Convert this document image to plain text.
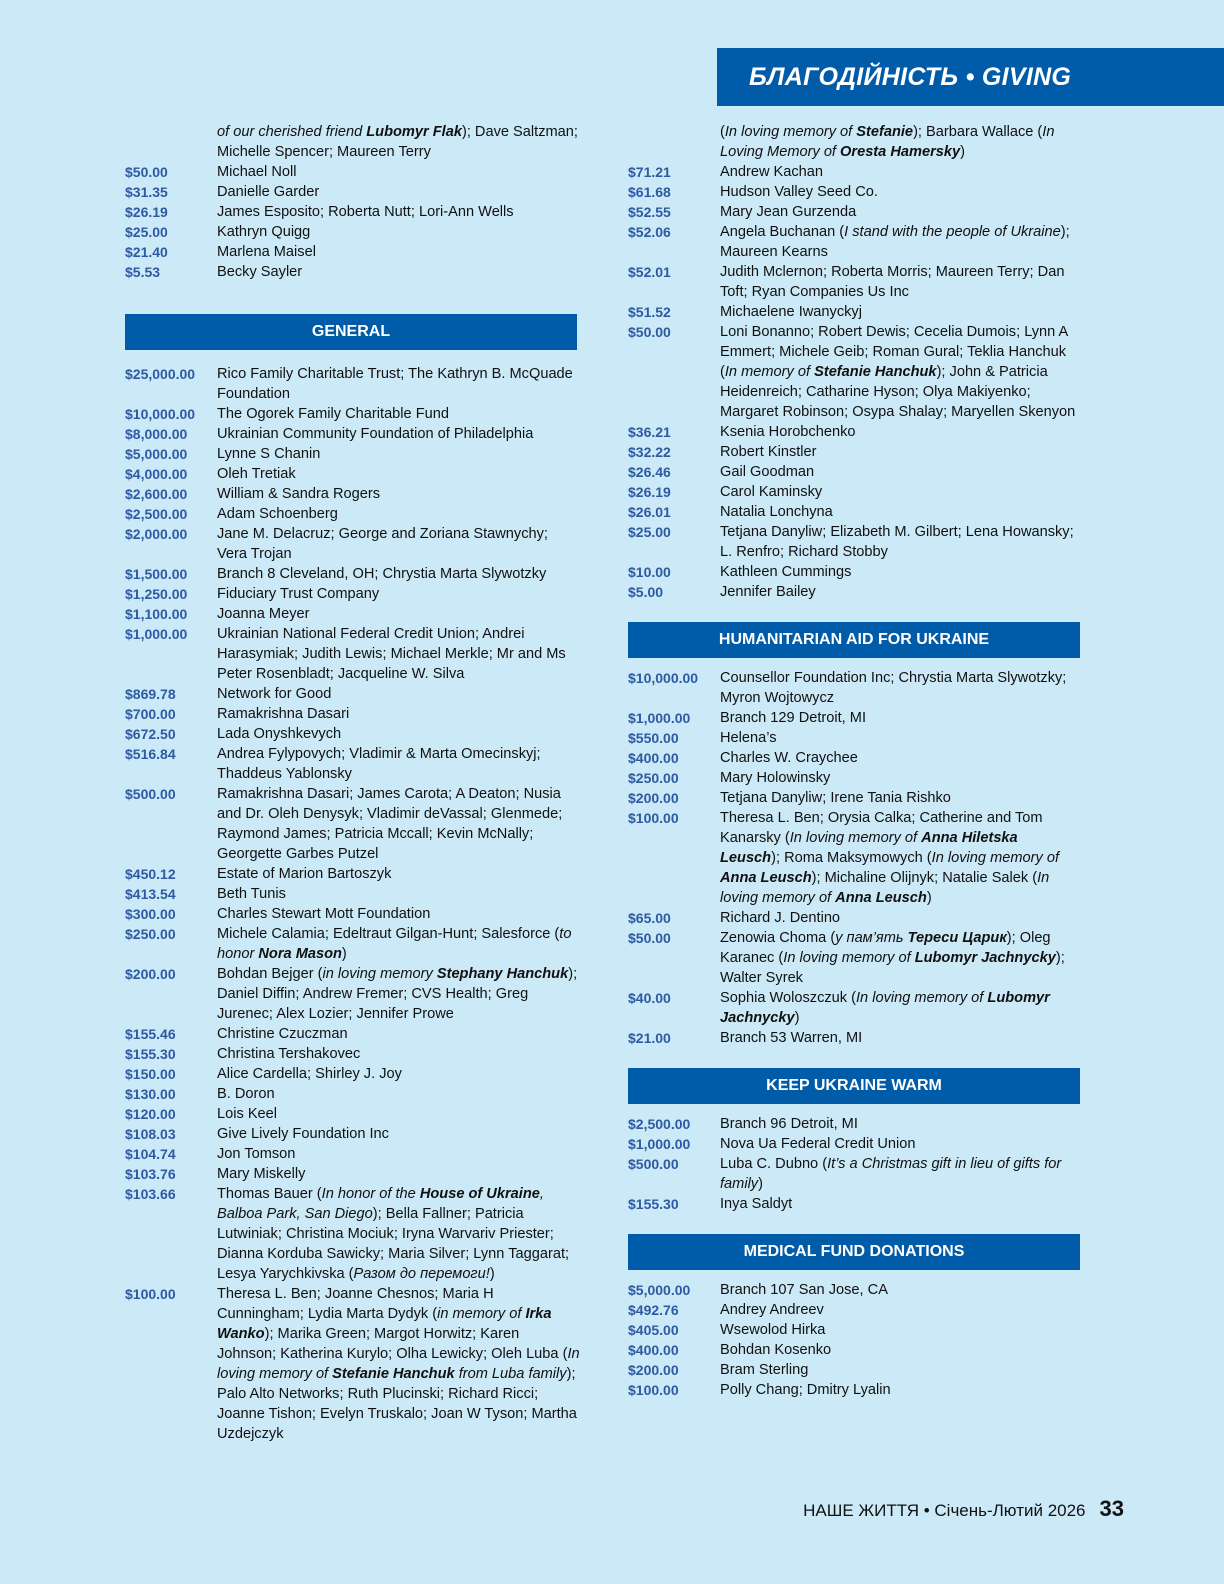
БЛАГОДІЙНІСТЬ • GIVING
of our cherished friend Lubomyr Flak); Dave Saltzman; Michelle Spencer; Maureen Terry
$50.00	Michael Noll
$31.35	Danielle Garder
$26.19	James Esposito; Roberta Nutt; Lori-Ann Wells
$25.00	Kathryn Quigg
$21.40	Marlena Maisel
$5.53	Becky Sayler
GENERAL
$25,000.00	Rico Family Charitable Trust; The Kathryn B. McQuade Foundation
$10,000.00	The Ogorek Family Charitable Fund
$8,000.00	Ukrainian Community Foundation of Philadelphia
$5,000.00	Lynne S Chanin
$4,000.00	Oleh Tretiak
$2,600.00	William & Sandra Rogers
$2,500.00	Adam Schoenberg
$2,000.00	Jane M. Delacruz; George and Zoriana Stawnychy; Vera Trojan
$1,500.00	Branch 8 Cleveland, OH; Chrystia Marta Slywotzky
$1,250.00	Fiduciary Trust Company
$1,100.00	Joanna Meyer
$1,000.00	Ukrainian National Federal Credit Union; Andrei Harasymiak; Judith Lewis; Michael Merkle; Mr and Ms Peter Rosenbladt; Jacqueline W. Silva
$869.78	Network for Good
$700.00	Ramakrishna Dasari
$672.50	Lada Onyshkevych
$516.84	Andrea Fylypovych; Vladimir & Marta Omecinskyj; Thaddeus Yablonsky
$500.00	Ramakrishna Dasari; James Carota; A Deaton; Nusia and Dr. Oleh Denysyk; Vladimir deVassal; Glenmede; Raymond James; Patricia Mccall; Kevin McNally; Georgette Garbes Putzel
$450.12	Estate of Marion Bartoszyk
$413.54	Beth Tunis
$300.00	Charles Stewart Mott Foundation
$250.00	Michele Calamia; Edeltraut Gilgan-Hunt; Salesforce (to honor Nora Mason)
$200.00	Bohdan Bejger (in loving memory Stephany Hanchuk); Daniel Diffin; Andrew Fremer; CVS Health; Greg Jurenec; Alex Lozier; Jennifer Prowe
$155.46	Christine Czuczman
$155.30	Christina Tershakovec
$150.00	Alice Cardella; Shirley J. Joy
$130.00	B. Doron
$120.00	Lois Keel
$108.03	Give Lively Foundation Inc
$104.74	Jon Tomson
$103.76	Mary Miskelly
$103.66	Thomas Bauer (In honor of the House of Ukraine, Balboa Park, San Diego); Bella Fallner; Patricia Lutwiniak; Christina Mociuk; Iryna Warvariv Priester; Dianna Korduba Sawicky; Maria Silver; Lynn Taggarat; Lesya Yarychkivska (Разом до перемоги!)
$100.00	Theresa L. Ben; Joanne Chesnos; Maria H Cunningham; Lydia Marta Dydyk (in memory of Irka Wanko); Marika Green; Margot Horwitz; Karen Johnson; Katherina Kurylo; Olha Lewicky; Oleh Luba (In loving memory of Stefanie Hanchuk from Luba family); Palo Alto Networks; Ruth Plucinski; Richard Ricci; Joanne Tishon; Evelyn Truskalo; Joan W Tyson; Martha Uzdejczyk
(In loving memory of Stefanie); Barbara Wallace (In Loving Memory of Oresta Hamersky)
$71.21	Andrew Kachan
$61.68	Hudson Valley Seed Co.
$52.55	Mary Jean Gurzenda
$52.06	Angela Buchanan (I stand with the people of Ukraine); Maureen Kearns
$52.01	Judith Mclernon; Roberta Morris; Maureen Terry; Dan Toft; Ryan Companies Us Inc
$51.52	Michaelene Iwanyckyj
$50.00	Loni Bonanno; Robert Dewis; Cecelia Dumois; Lynn A Emmert; Michele Geib; Roman Gural; Teklia Hanchuk (In memory of Stefanie Hanchuk); John & Patricia Heidenreich; Catharine Hyson; Olya Makiyenko; Margaret Robinson; Osypa Shalay; Maryellen Skenyon
$36.21	Ksenia Horobchenko
$32.22	Robert Kinstler
$26.46	Gail Goodman
$26.19	Carol Kaminsky
$26.01	Natalia Lonchyna
$25.00	Tetjana Danyliw; Elizabeth M. Gilbert; Lena Howansky; L. Renfro; Richard Stobby
$10.00	Kathleen Cummings
$5.00	Jennifer Bailey
HUMANITARIAN AID FOR UKRAINE
$10,000.00	Counsellor Foundation Inc; Chrystia Marta Slywotzky; Myron Wojtowycz
$1,000.00	Branch 129 Detroit, MI
$550.00	Helena’s
$400.00	Charles W. Craychee
$250.00	Mary Holowinsky
$200.00	Tetjana Danyliw; Irene Tania Rishko
$100.00	Theresa L. Ben; Orysia Calka; Catherine and Tom Kanarsky (In loving memory of Anna Hiletska Leusch); Roma Maksymowych (In loving memory of Anna Leusch); Michaline Olijnyk; Natalie Salek (In loving memory of Anna Leusch)
$65.00	Richard J. Dentino
$50.00	Zenowia Choma (у пам’ять Тереси Царик); Oleg Karanec (In loving memory of Lubomyr Jachnycky); Walter Syrek
$40.00	Sophia Woloszczuk (In loving memory of Lubomyr Jachnycky)
$21.00	Branch 53 Warren, MI
KEEP UKRAINE WARM
$2,500.00	Branch 96 Detroit, MI
$1,000.00	Nova Ua Federal Credit Union
$500.00	Luba C. Dubno (It’s a Christmas gift in lieu of gifts for family)
$155.30	Inya Saldyt
MEDICAL FUND DONATIONS
$5,000.00	Branch 107 San Jose, CA
$492.76	Andrey Andreev
$405.00	Wsewolod Hirka
$400.00	Bohdan Kosenko
$200.00	Bram Sterling
$100.00	Polly Chang; Dmitry Lyalin
НАШЕ ЖИТТЯ • Січень-Лютий 2026 33
